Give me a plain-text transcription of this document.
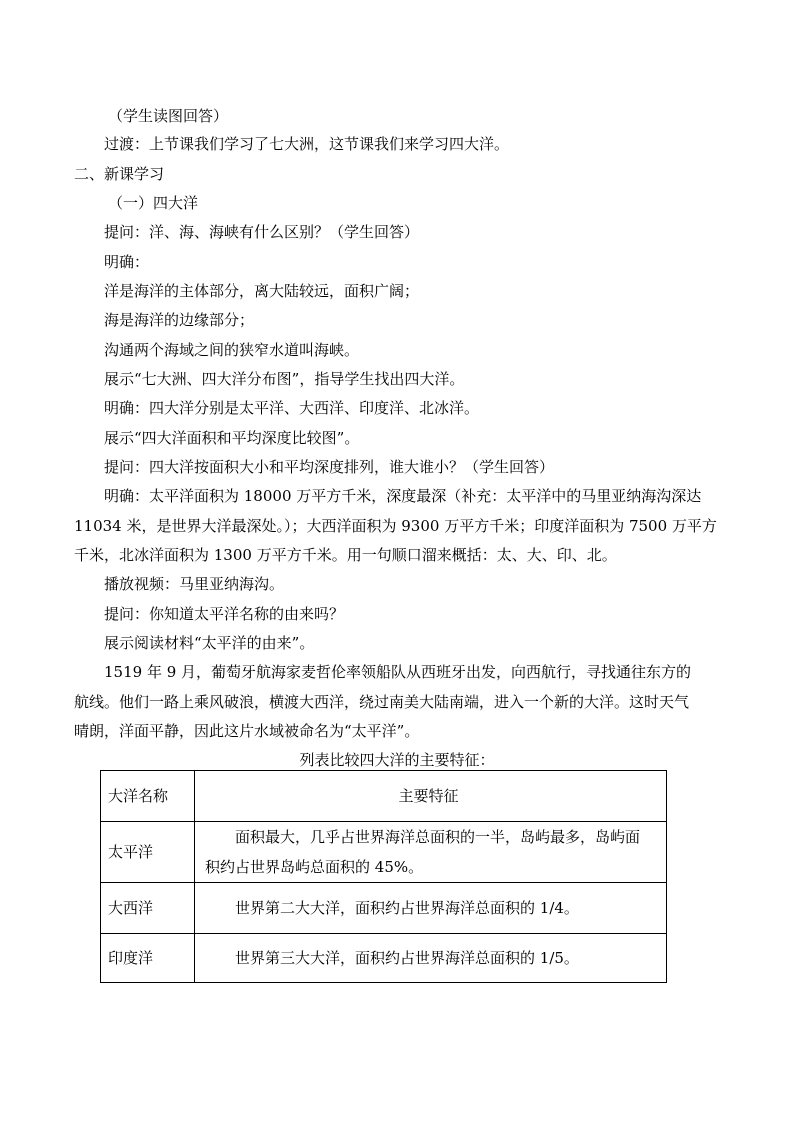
（学生读图回答）
过渡：上节课我们学习了七大洲，这节课我们来学习四大洋。
二、新课学习
（一）四大洋
提问：洋、海、海峡有什么区别？（学生回答）
明确：
洋是海洋的主体部分，离大陆较远，面积广阔；
海是海洋的边缘部分；
沟通两个海域之间的狭窄水道叫海峡。
展示“七大洲、四大洋分布图”，指导学生找出四大洋。
明确：四大洋分别是太平洋、大西洋、印度洋、北冰洋。
展示“四大洋面积和平均深度比较图”。
提问：四大洋按面积大小和平均深度排列，谁大谁小？（学生回答）
明确：太平洋面积为 18000 万平方千米，深度最深（补充：太平洋中的马里亚纳海沟深达
11034 米，是世界大洋最深处。）；大西洋面积为 9300 万平方千米；印度洋面积为 7500 万平方
千米，北冰洋面积为 1300 万平方千米。用一句顺口溜来概括：太、大、印、北。
播放视频：马里亚纳海沟。
提问：你知道太平洋名称的由来吗？
展示阅读材料“太平洋的由来”。
1519 年 9 月，葡萄牙航海家麦哲伦率领船队从西班牙出发，向西航行，寻找通往东方的
航线。他们一路上乘风破浪，横渡大西洋，绕过南美大陆南端，进入一个新的大洋。这时天气
晴朗，洋面平静，因此这片水域被命名为“太平洋”。
列表比较四大洋的主要特征：
大洋名称	主要特征
太平洋	面积最大，几乎占世界海洋总面积的一半，岛屿最多，岛屿面
积约占世界岛屿总面积的 45%。

大西洋	世界第二大大洋，面积约占世界海洋总面积的 1/4。
印度洋	世界第三大大洋，面积约占世界海洋总面积的 1/5。
